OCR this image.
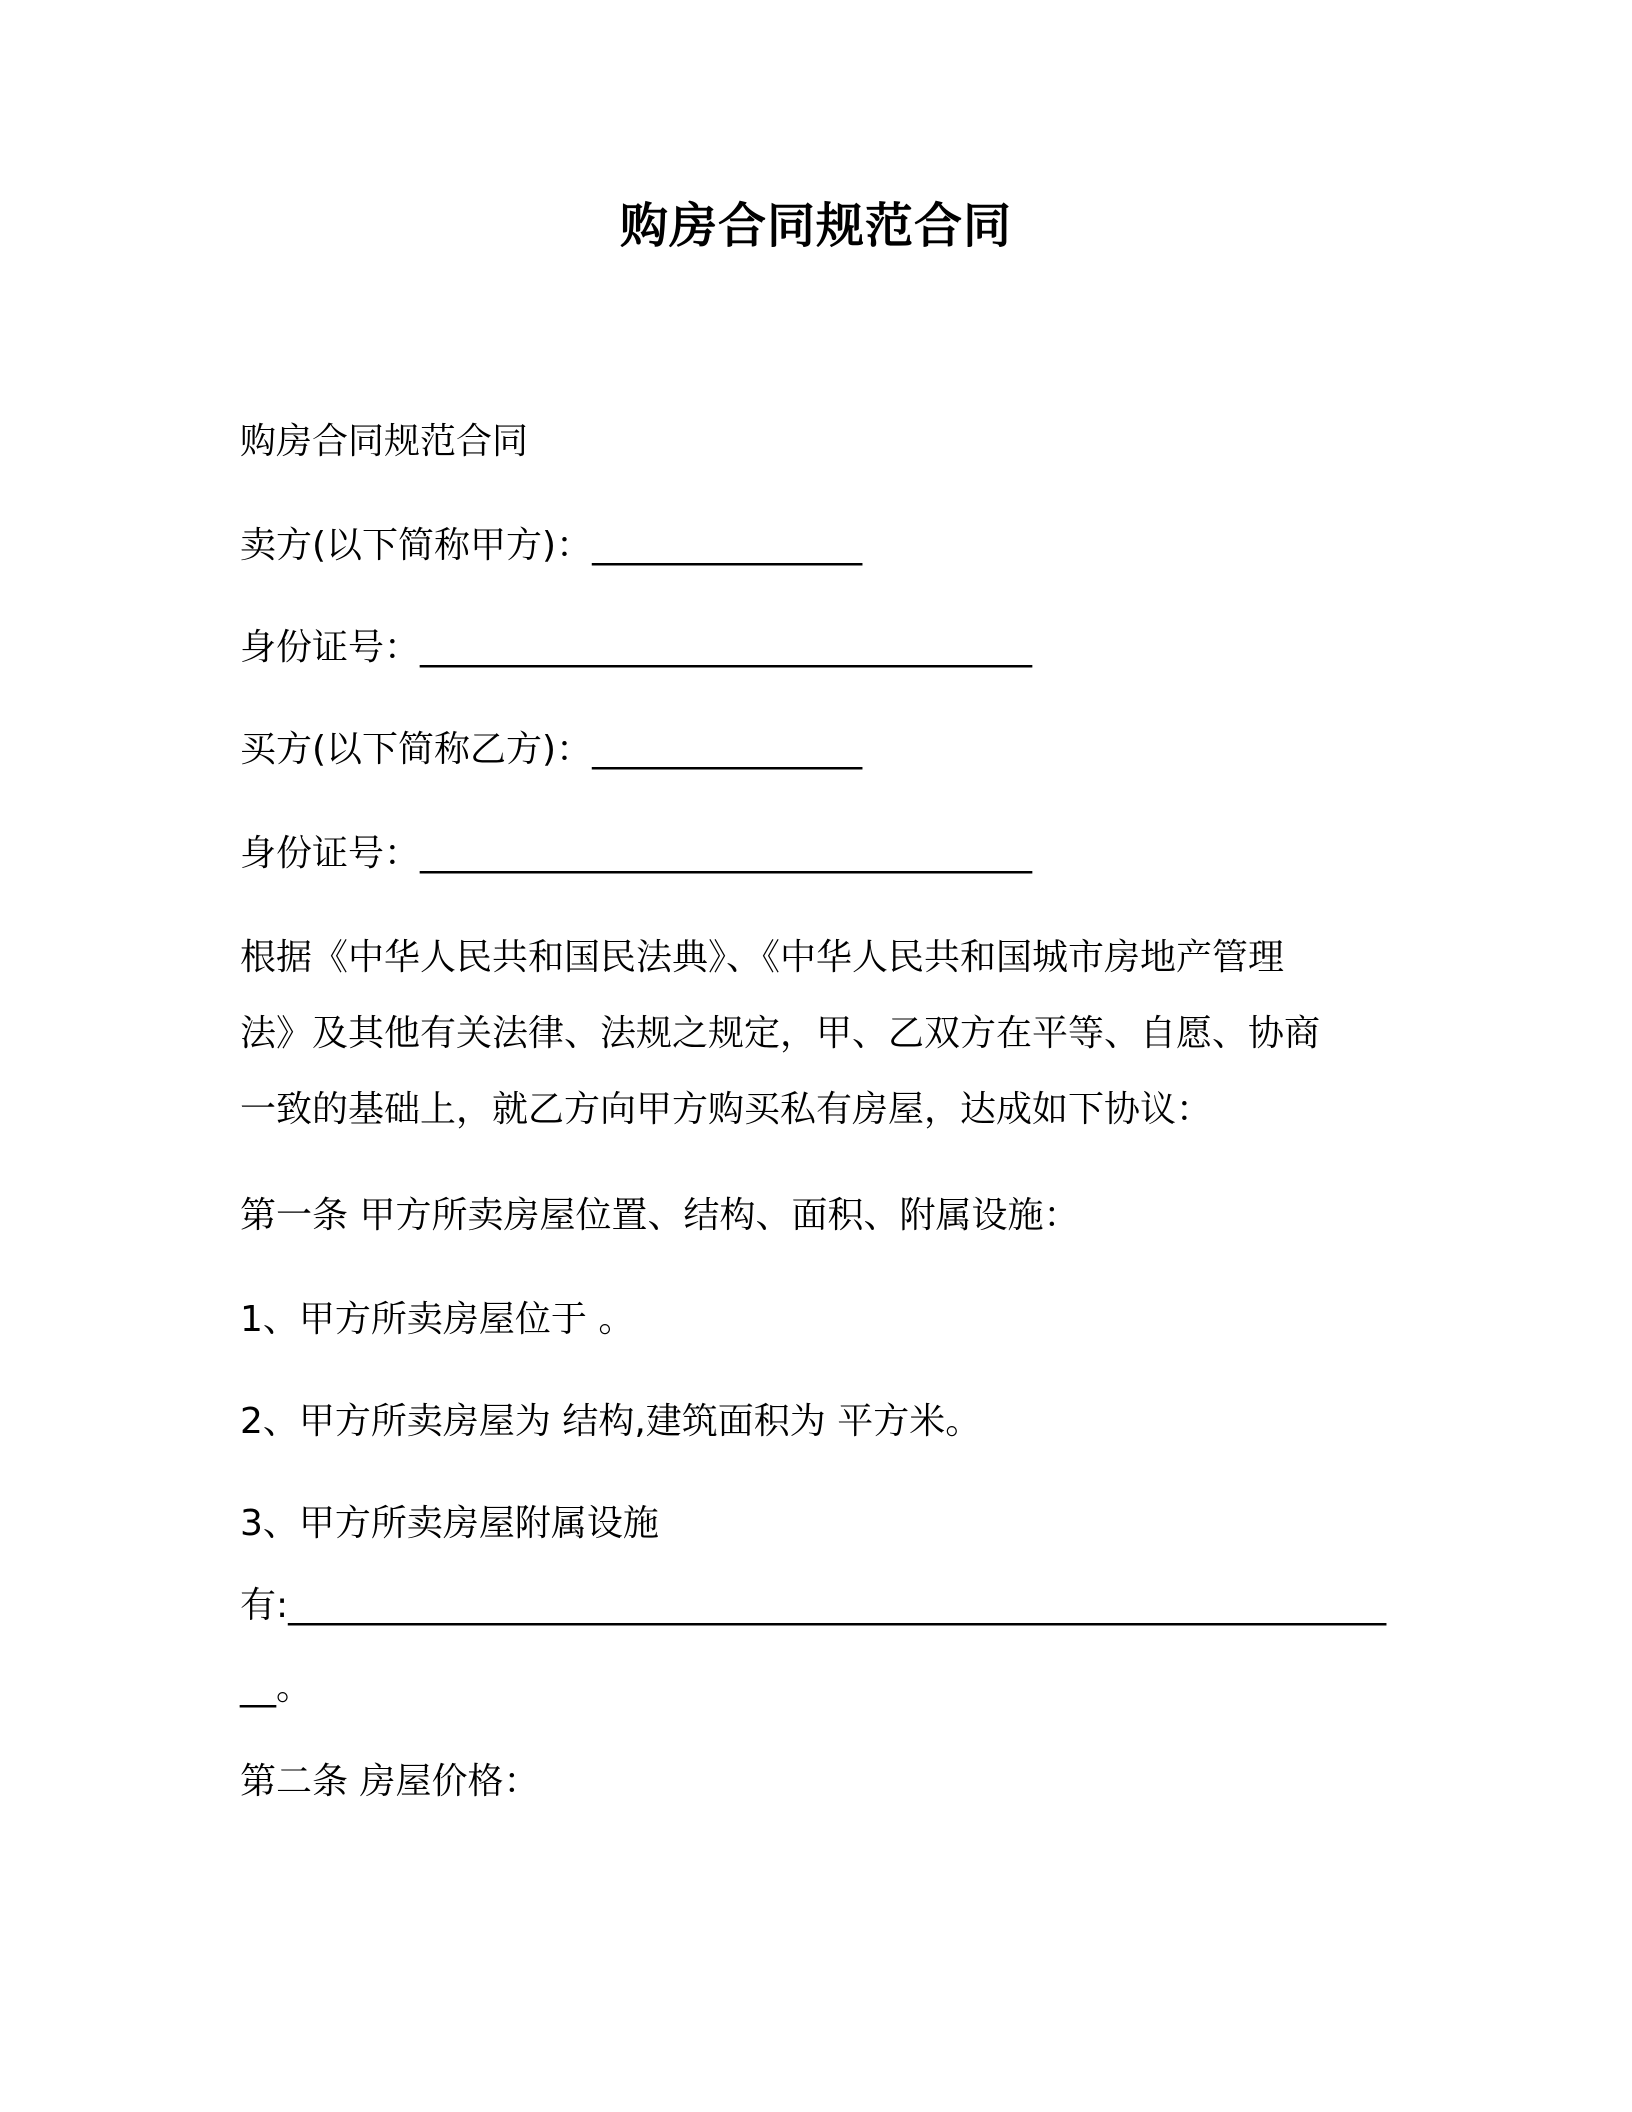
购房合同规范合同
购房合同规范合同
卖方(以下简称甲方)：_______________
身份证号：__________________________________
买方(以下简称乙方)：_______________
身份证号：__________________________________
根据《中华人民共和国民法典》、《中华人民共和国城市房地产管理
法》及其他有关法律、法规之规定，甲、乙双方在平等、自愿、协商
一致的基础上，就乙方向甲方购买私有房屋，达成如下协议：
第一条 甲方所卖房屋位置、结构、面积、附属设施：
1、甲方所卖房屋位于 。
2、甲方所卖房屋为 结构,建筑面积为 平方米。
3、甲方所卖房屋附属设施
有:_____________________________________________________________
__。
第二条 房屋价格：
